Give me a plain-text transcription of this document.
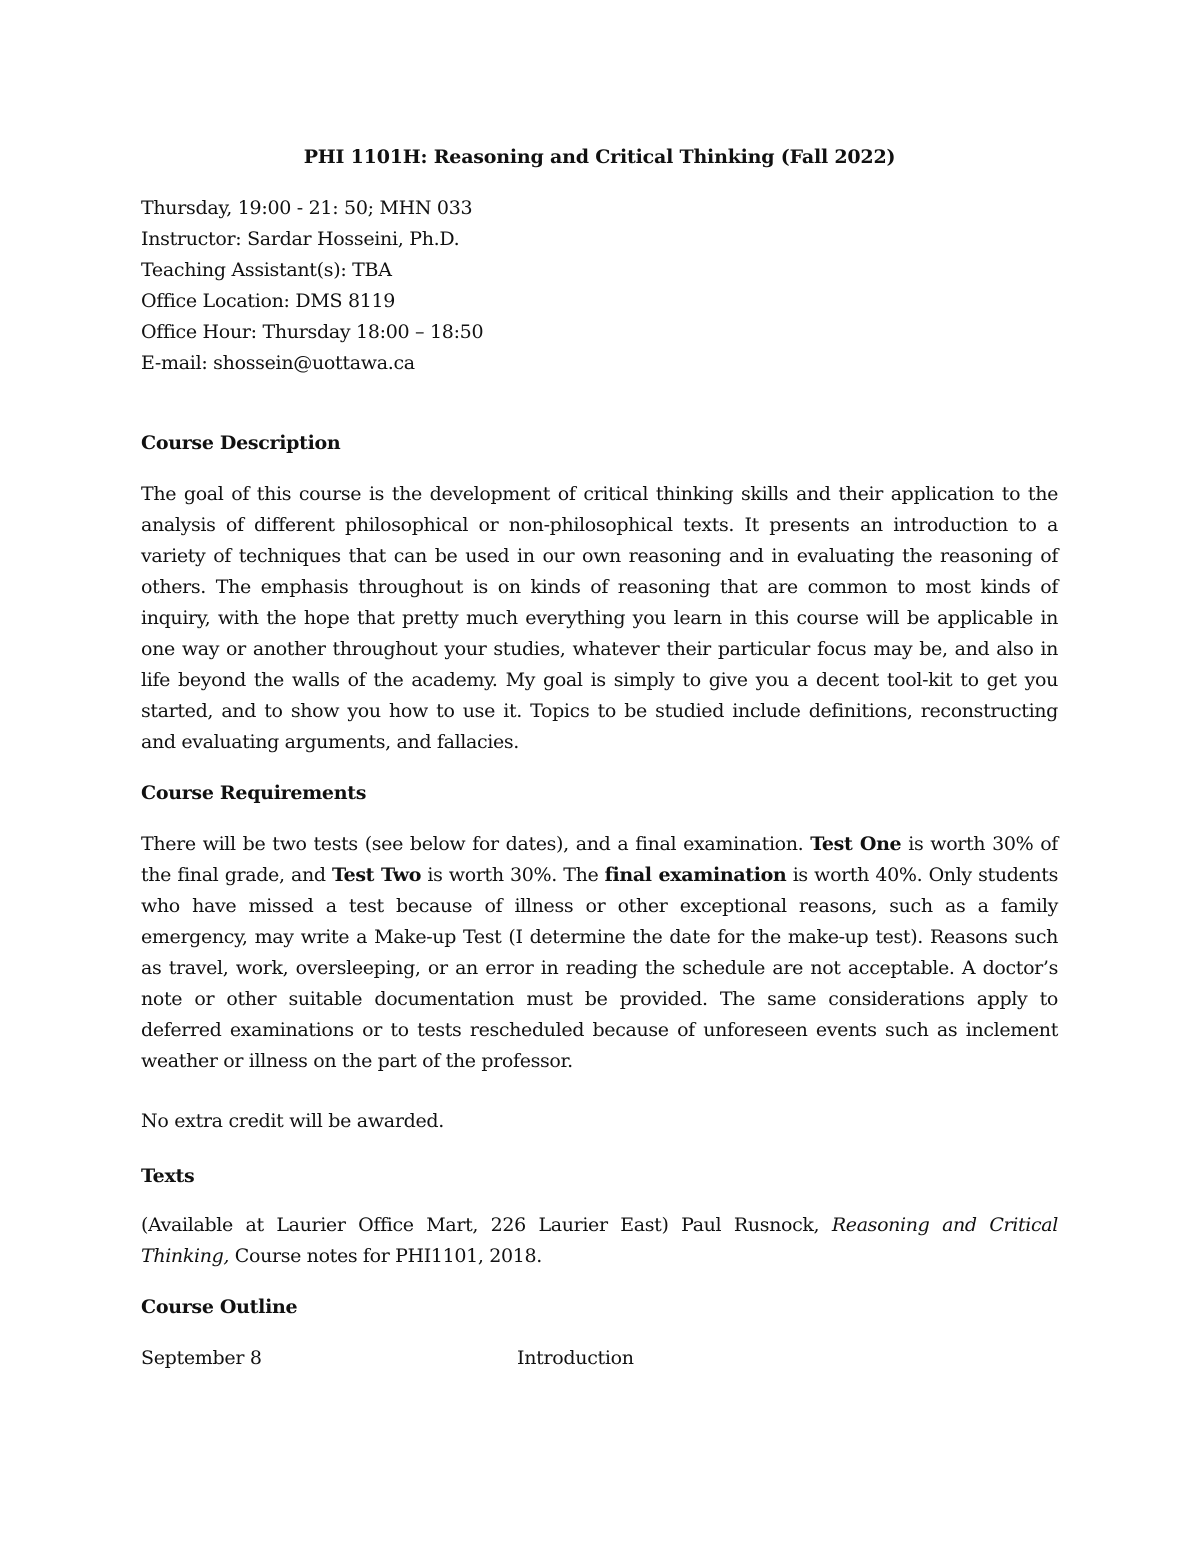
PHI 1101H: Reasoning and Critical Thinking (Fall 2022)
Thursday, 19:00 - 21: 50; MHN 033
Instructor: Sardar Hosseini, Ph.D.
Teaching Assistant(s): TBA
Office Location: DMS 8119
Office Hour: Thursday 18:00 – 18:50
E-mail: shossein@uottawa.ca
Course Description
The goal of this course is the development of critical thinking skills and their application to the analysis of different philosophical or non-philosophical texts. It presents an introduction to a variety of techniques that can be used in our own reasoning and in evaluating the reasoning of others. The emphasis throughout is on kinds of reasoning that are common to most kinds of inquiry, with the hope that pretty much everything you learn in this course will be applicable in one way or another throughout your studies, whatever their particular focus may be, and also in life beyond the walls of the academy. My goal is simply to give you a decent tool-kit to get you started, and to show you how to use it. Topics to be studied include definitions, reconstructing and evaluating arguments, and fallacies.
Course Requirements
There will be two tests (see below for dates), and a final examination. Test One is worth 30% of the final grade, and Test Two is worth 30%. The final examination is worth 40%. Only students who have missed a test because of illness or other exceptional reasons, such as a family emergency, may write a Make-up Test (I determine the date for the make-up test). Reasons such as travel, work, oversleeping, or an error in reading the schedule are not acceptable. A doctor’s note or other suitable documentation must be provided. The same considerations apply to deferred examinations or to tests rescheduled because of unforeseen events such as inclement weather or illness on the part of the professor.
No extra credit will be awarded.
Texts
(Available at Laurier Office Mart, 226 Laurier East) Paul Rusnock, Reasoning and Critical Thinking, Course notes for PHI1101, 2018.
Course Outline
September 8	Introduction
